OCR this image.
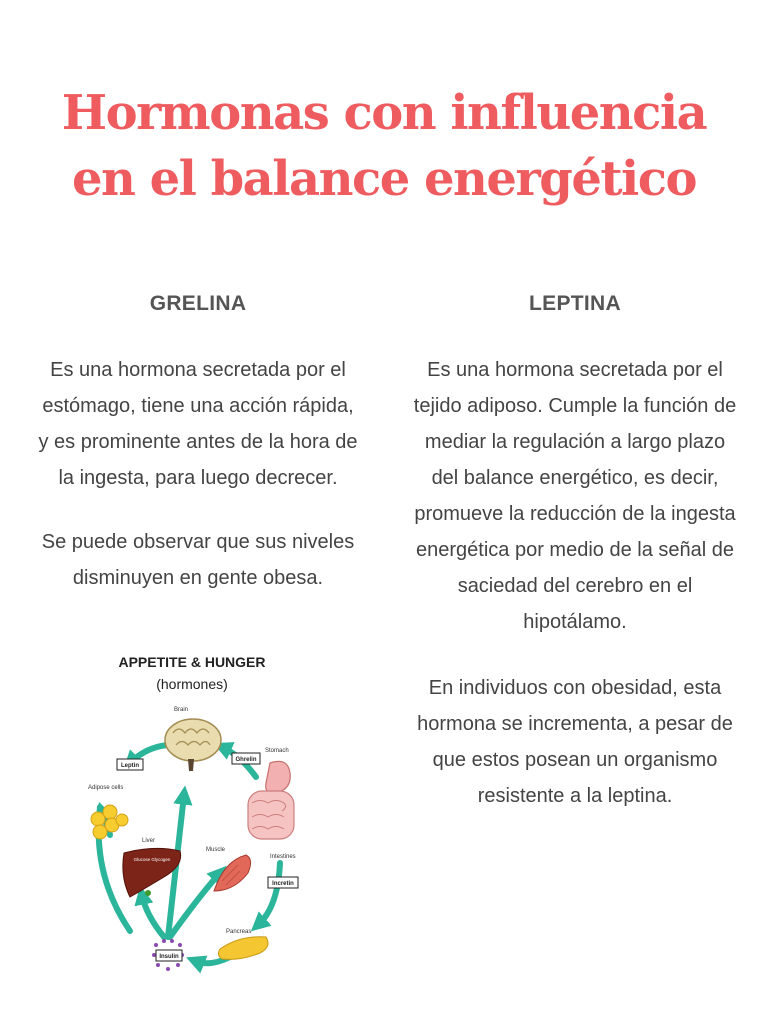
Hormonas con influencia en el balance energético
GRELINA

Es una hormona secretada por el estómago, tiene una acción rápida, y es prominente antes de la hora de la ingesta, para luego decrecer.

Se puede observar que sus niveles disminuyen en gente obesa.

LEPTINA

Es una hormona secretada por el tejido adiposo. Cumple la función de mediar la regulación a largo plazo del balance energético, es decir, promueve la reducción de la ingesta energética por medio de la señal de saciedad del cerebro en el hipotálamo.

En individuos con obesidad, esta hormona se incrementa, a pesar de que estos posean un organismo resistente a la leptina.

APPETITE & HUNGER
(hormones)
Brain
Stomach
Intestines
Adipose cells
Liver
Glucose Glycogen
Muscle
Pancreas
Leptin
Ghrelin
Incretin
Insulin
